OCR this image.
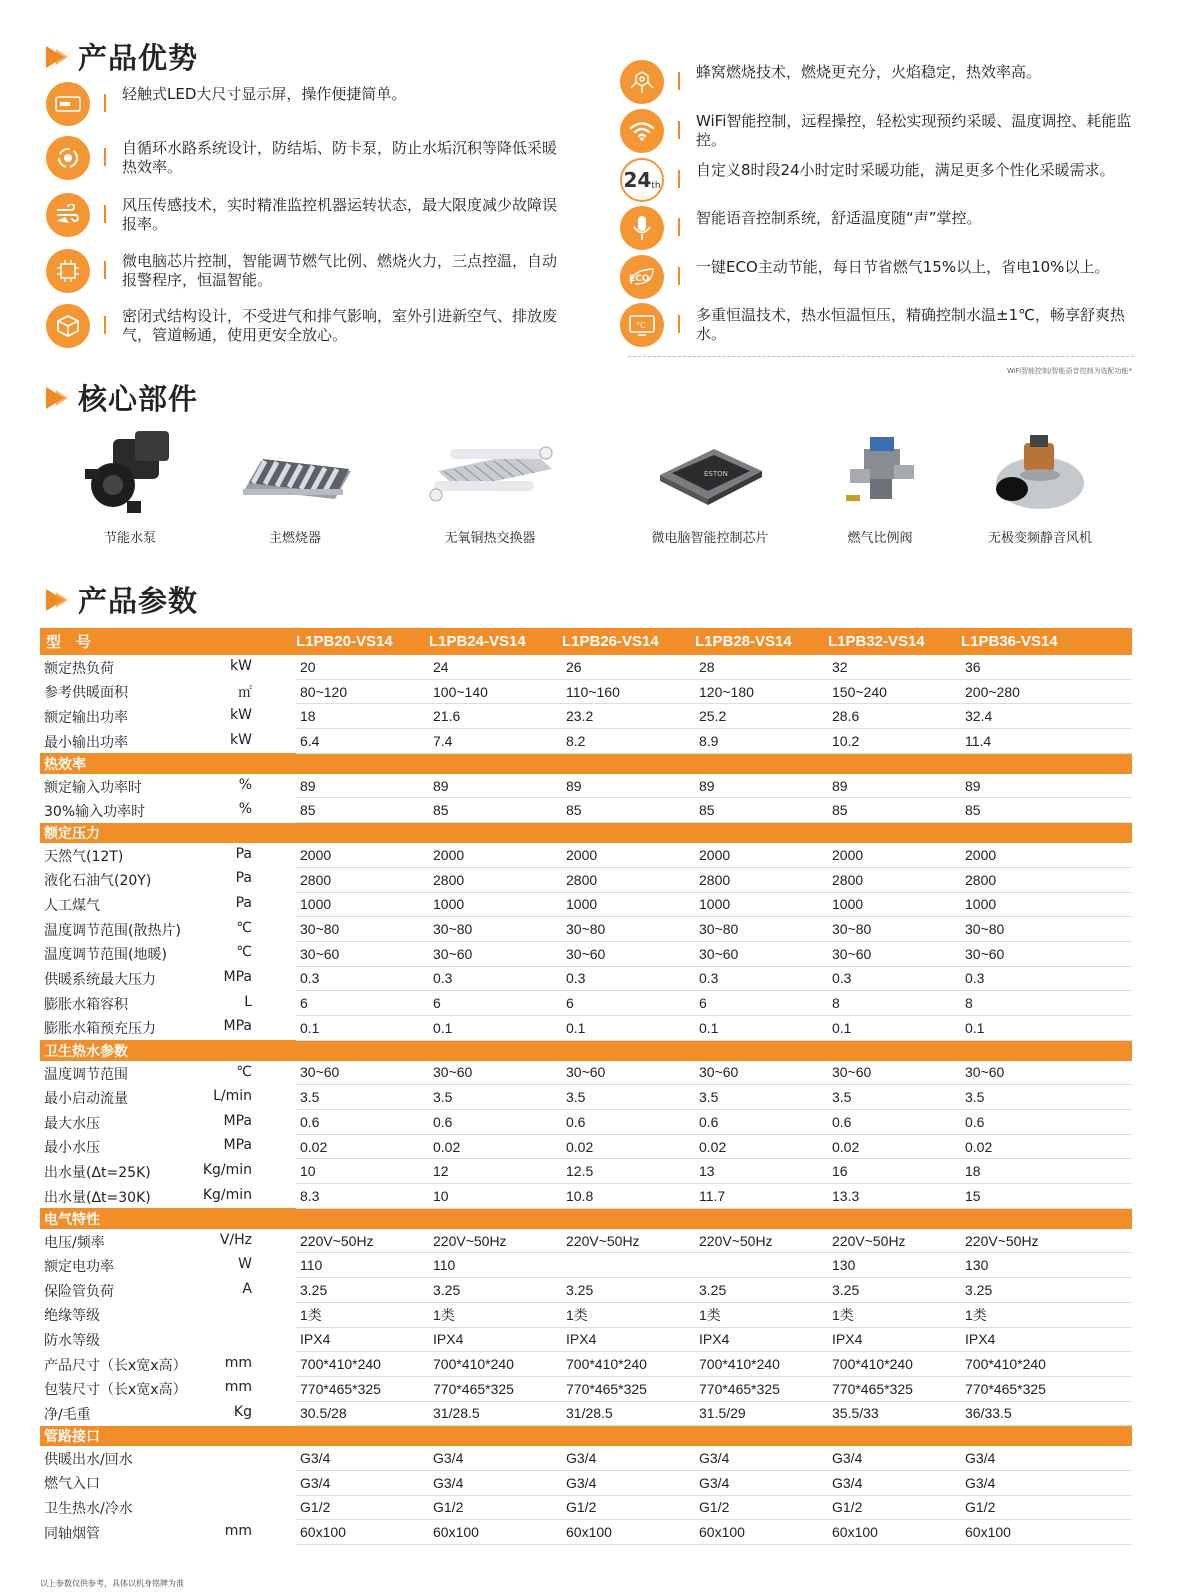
产品优势
轻触式LED大尺寸显示屏，操作便捷简单。
自循环水路系统设计，防结垢、防卡泵，防止水垢沉积等降低采暖热效率。
风压传感技术，实时精准监控机器运转状态，最大限度减少故障误报率。
微电脑芯片控制，智能调节燃气比例、燃烧火力，三点控温，自动报警程序，恒温智能。
密闭式结构设计，不受进气和排气影响，室外引进新空气、排放废气，管道畅通，使用更安全放心。
蜂窝燃烧技术，燃烧更充分，火焰稳定，热效率高。
WiFi智能控制，远程操控，轻松实现预约采暖、温度调控、耗能监控。
24 th
自定义8时段24小时定时采暖功能，满足更多个性化采暖需求。
智能语音控制系统，舒适温度随“声”掌控。
ECO
一键ECO主动节能，每日节省燃气15%以上，省电10%以上。
°C
多重恒温技术，热水恒温恒压，精确控制水温±1℃，畅享舒爽热水。
WiFi智能控制/智能语音控制为选配功能*
核心部件
节能水泵	主燃烧器	无氧铜热交换器
ESTON
微电脑智能控制芯片	燃气比例阀	无极变频静音风机
产品参数
型　号	L1PB20-VS14	L1PB24-VS14	L1PB26-VS14	L1PB28-VS14	L1PB32-VS14	L1PB36-VS14

额定热负荷 kW	20	24	26	28	32	36

参考供暖面积 ㎡	80~120	100~140	110~160	120~180	150~240	200~280

额定输出功率 kW	18	21.6	23.2	25.2	28.6	32.4

最小输出功率 kW	6.4	7.4	8.2	8.9	10.2	11.4
热效率						

额定输入功率时 %	89	89	89	89	89	89

30%输入功率时 %	85	85	85	85	85	85
额定压力						

天然气(12T) Pa	2000	2000	2000	2000	2000	2000

液化石油气(20Y) Pa	2800	2800	2800	2800	2800	2800

人工煤气 Pa	1000	1000	1000	1000	1000	1000

温度调节范围(散热片) ℃	30~80	30~80	30~80	30~80	30~80	30~80

温度调节范围(地暖) ℃	30~60	30~60	30~60	30~60	30~60	30~60

供暖系统最大压力 MPa	0.3	0.3	0.3	0.3	0.3	0.3

膨胀水箱容积 L	6	6	6	6	8	8

膨胀水箱预充压力 MPa	0.1	0.1	0.1	0.1	0.1	0.1
卫生热水参数						

温度调节范围 ℃	30~60	30~60	30~60	30~60	30~60	30~60

最小启动流量 L/min	3.5	3.5	3.5	3.5	3.5	3.5

最大水压 MPa	0.6	0.6	0.6	0.6	0.6	0.6

最小水压 MPa	0.02	0.02	0.02	0.02	0.02	0.02

出水量(Δt=25K) Kg/min	10	12	12.5	13	16	18

出水量(Δt=30K) Kg/min	8.3	10	10.8	11.7	13.3	15
电气特性						

电压/频率 V/Hz	220V~50Hz	220V~50Hz	220V~50Hz	220V~50Hz	220V~50Hz	220V~50Hz

额定电功率 W	110	110			130	130

保险管负荷 A	3.25	3.25	3.25	3.25	3.25	3.25

绝缘等级	1类	1类	1类	1类	1类	1类

防水等级	IPX4	IPX4	IPX4	IPX4	IPX4	IPX4

产品尺寸（长x宽x高） mm	700*410*240	700*410*240	700*410*240	700*410*240	700*410*240	700*410*240

包装尺寸（长x宽x高） mm	770*465*325	770*465*325	770*465*325	770*465*325	770*465*325	770*465*325

净/毛重 Kg	30.5/28	31/28.5	31/28.5	31.5/29	35.5/33	36/33.5
管路接口						

供暖出水/回水	G3/4	G3/4	G3/4	G3/4	G3/4	G3/4

燃气入口	G3/4	G3/4	G3/4	G3/4	G3/4	G3/4

卫生热水/冷水	G1/2	G1/2	G1/2	G1/2	G1/2	G1/2

同轴烟管 mm	60x100	60x100	60x100	60x100	60x100	60x100
以上参数仅供参考，具体以机身铭牌为准
